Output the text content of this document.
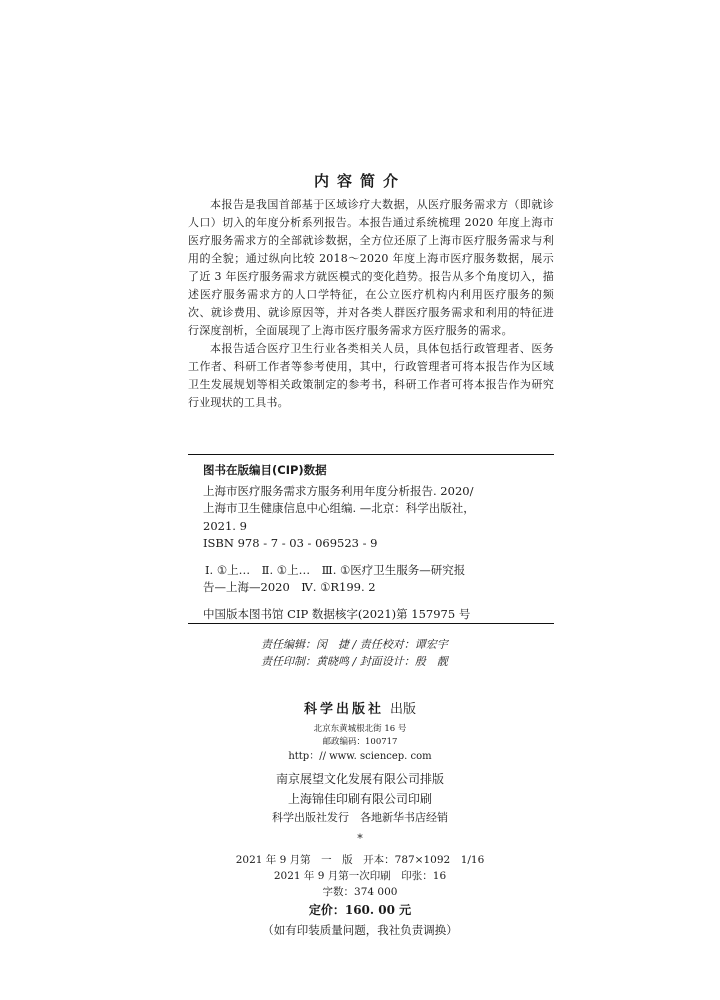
内容简介

本报告是我国首部基于区域诊疗大数据，从医疗服务需求方（即就诊人口）切入的年度分析系列报告。本报告通过系统梳理 2020 年度上海市医疗服务需求方的全部就诊数据，全方位还原了上海市医疗服务需求与利用的全貌；通过纵向比较 2018～2020 年度上海市医疗服务数据，展示了近 3 年医疗服务需求方就医模式的变化趋势。报告从多个角度切入，描述医疗服务需求方的人口学特征，在公立医疗机构内利用医疗服务的频次、就诊费用、就诊原因等，并对各类人群医疗服务需求和利用的特征进行深度剖析，全面展现了上海市医疗服务需求方医疗服务的需求。

本报告适合医疗卫生行业各类相关人员，具体包括行政管理者、医务工作者、科研工作者等参考使用，其中，行政管理者可将本报告作为区域卫生发展规划等相关政策制定的参考书，科研工作者可将本报告作为研究行业现状的工具书。

图书在版编目(CIP)数据

上海市医疗服务需求方服务利用年度分析报告. 2020/

上海市卫生健康信息中心组编. —北京：科学出版社，

2021. 9

ISBN 978 - 7 - 03 - 069523 - 9

Ⅰ. ①上…　Ⅱ. ①上…　Ⅲ. ①医疗卫生服务—研究报

告—上海—2020　Ⅳ. ①R199. 2

中国版本图书馆 CIP 数据核字(2021)第 157975 号

责任编辑：闵　捷 / 责任校对：谭宏宇

责任印制：黄晓鸣 / 封面设计：殷　靓

科学出版社 出版

北京东黄城根北街 16 号

邮政编码：100717

http：// www. sciencep. com

南京展望文化发展有限公司排版

上海锦佳印刷有限公司印刷

科学出版社发行　各地新华书店经销

*

2021 年 9 月第　一　版　开本：787×1092　1/16

2021 年 9 月第一次印刷　印张：16

字数：374 000

定价：160. 00 元

（如有印装质量问题，我社负责调换）
